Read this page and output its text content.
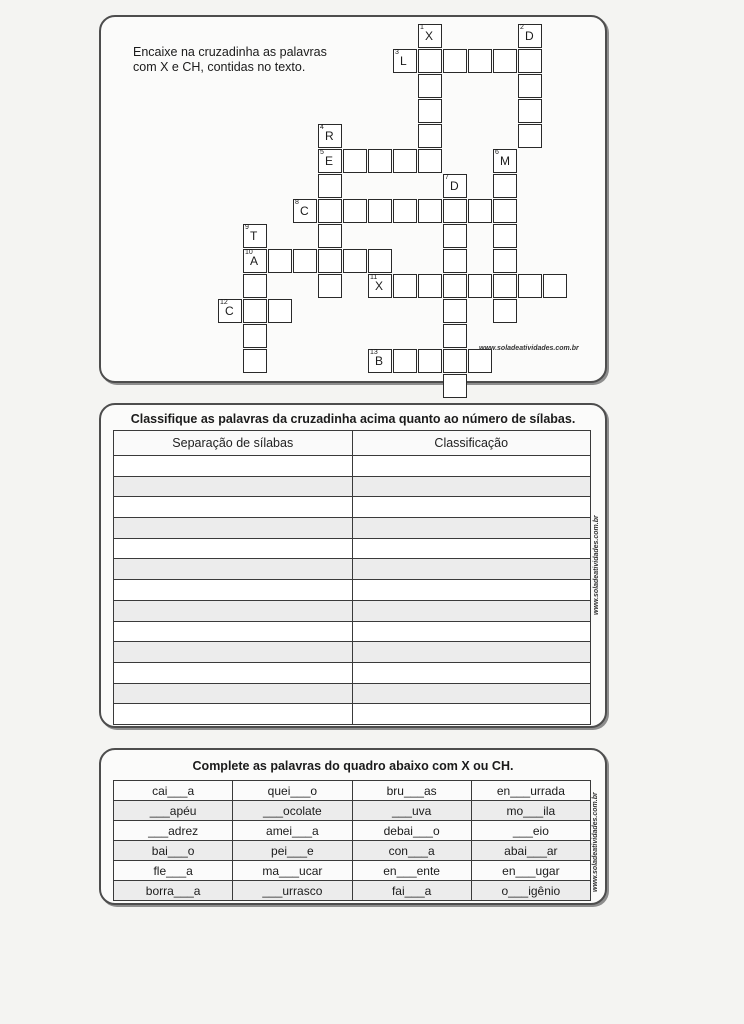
Encaixe na cruzadinha as palavras
com X e CH, contidas no texto.
1
X
2
D
3
L
4
R
5
E
6
M
7
D
8
C
9
T
10
A
11
X
12
C
13
B
www.soladeatividades.com.br
Classifique as palavras da cruzadinha acima quanto ao número de sílabas.
Separação de sílabas	Classificação

www.soladeatividades.com.br
Complete as palavras do quadro abaixo com X ou CH.
cai___a	quei___o	bru___as	en___urrada
___apéu	___ocolate	___uva	mo___ila
___adrez	amei___a	debai___o	___eio
bai___o	pei___e	con___a	abai___ar
fle___a	ma___ucar	en___ente	en___ugar
borra___a	___urrasco	fai___a	o___igênio	www.soladeatividades.com.br
